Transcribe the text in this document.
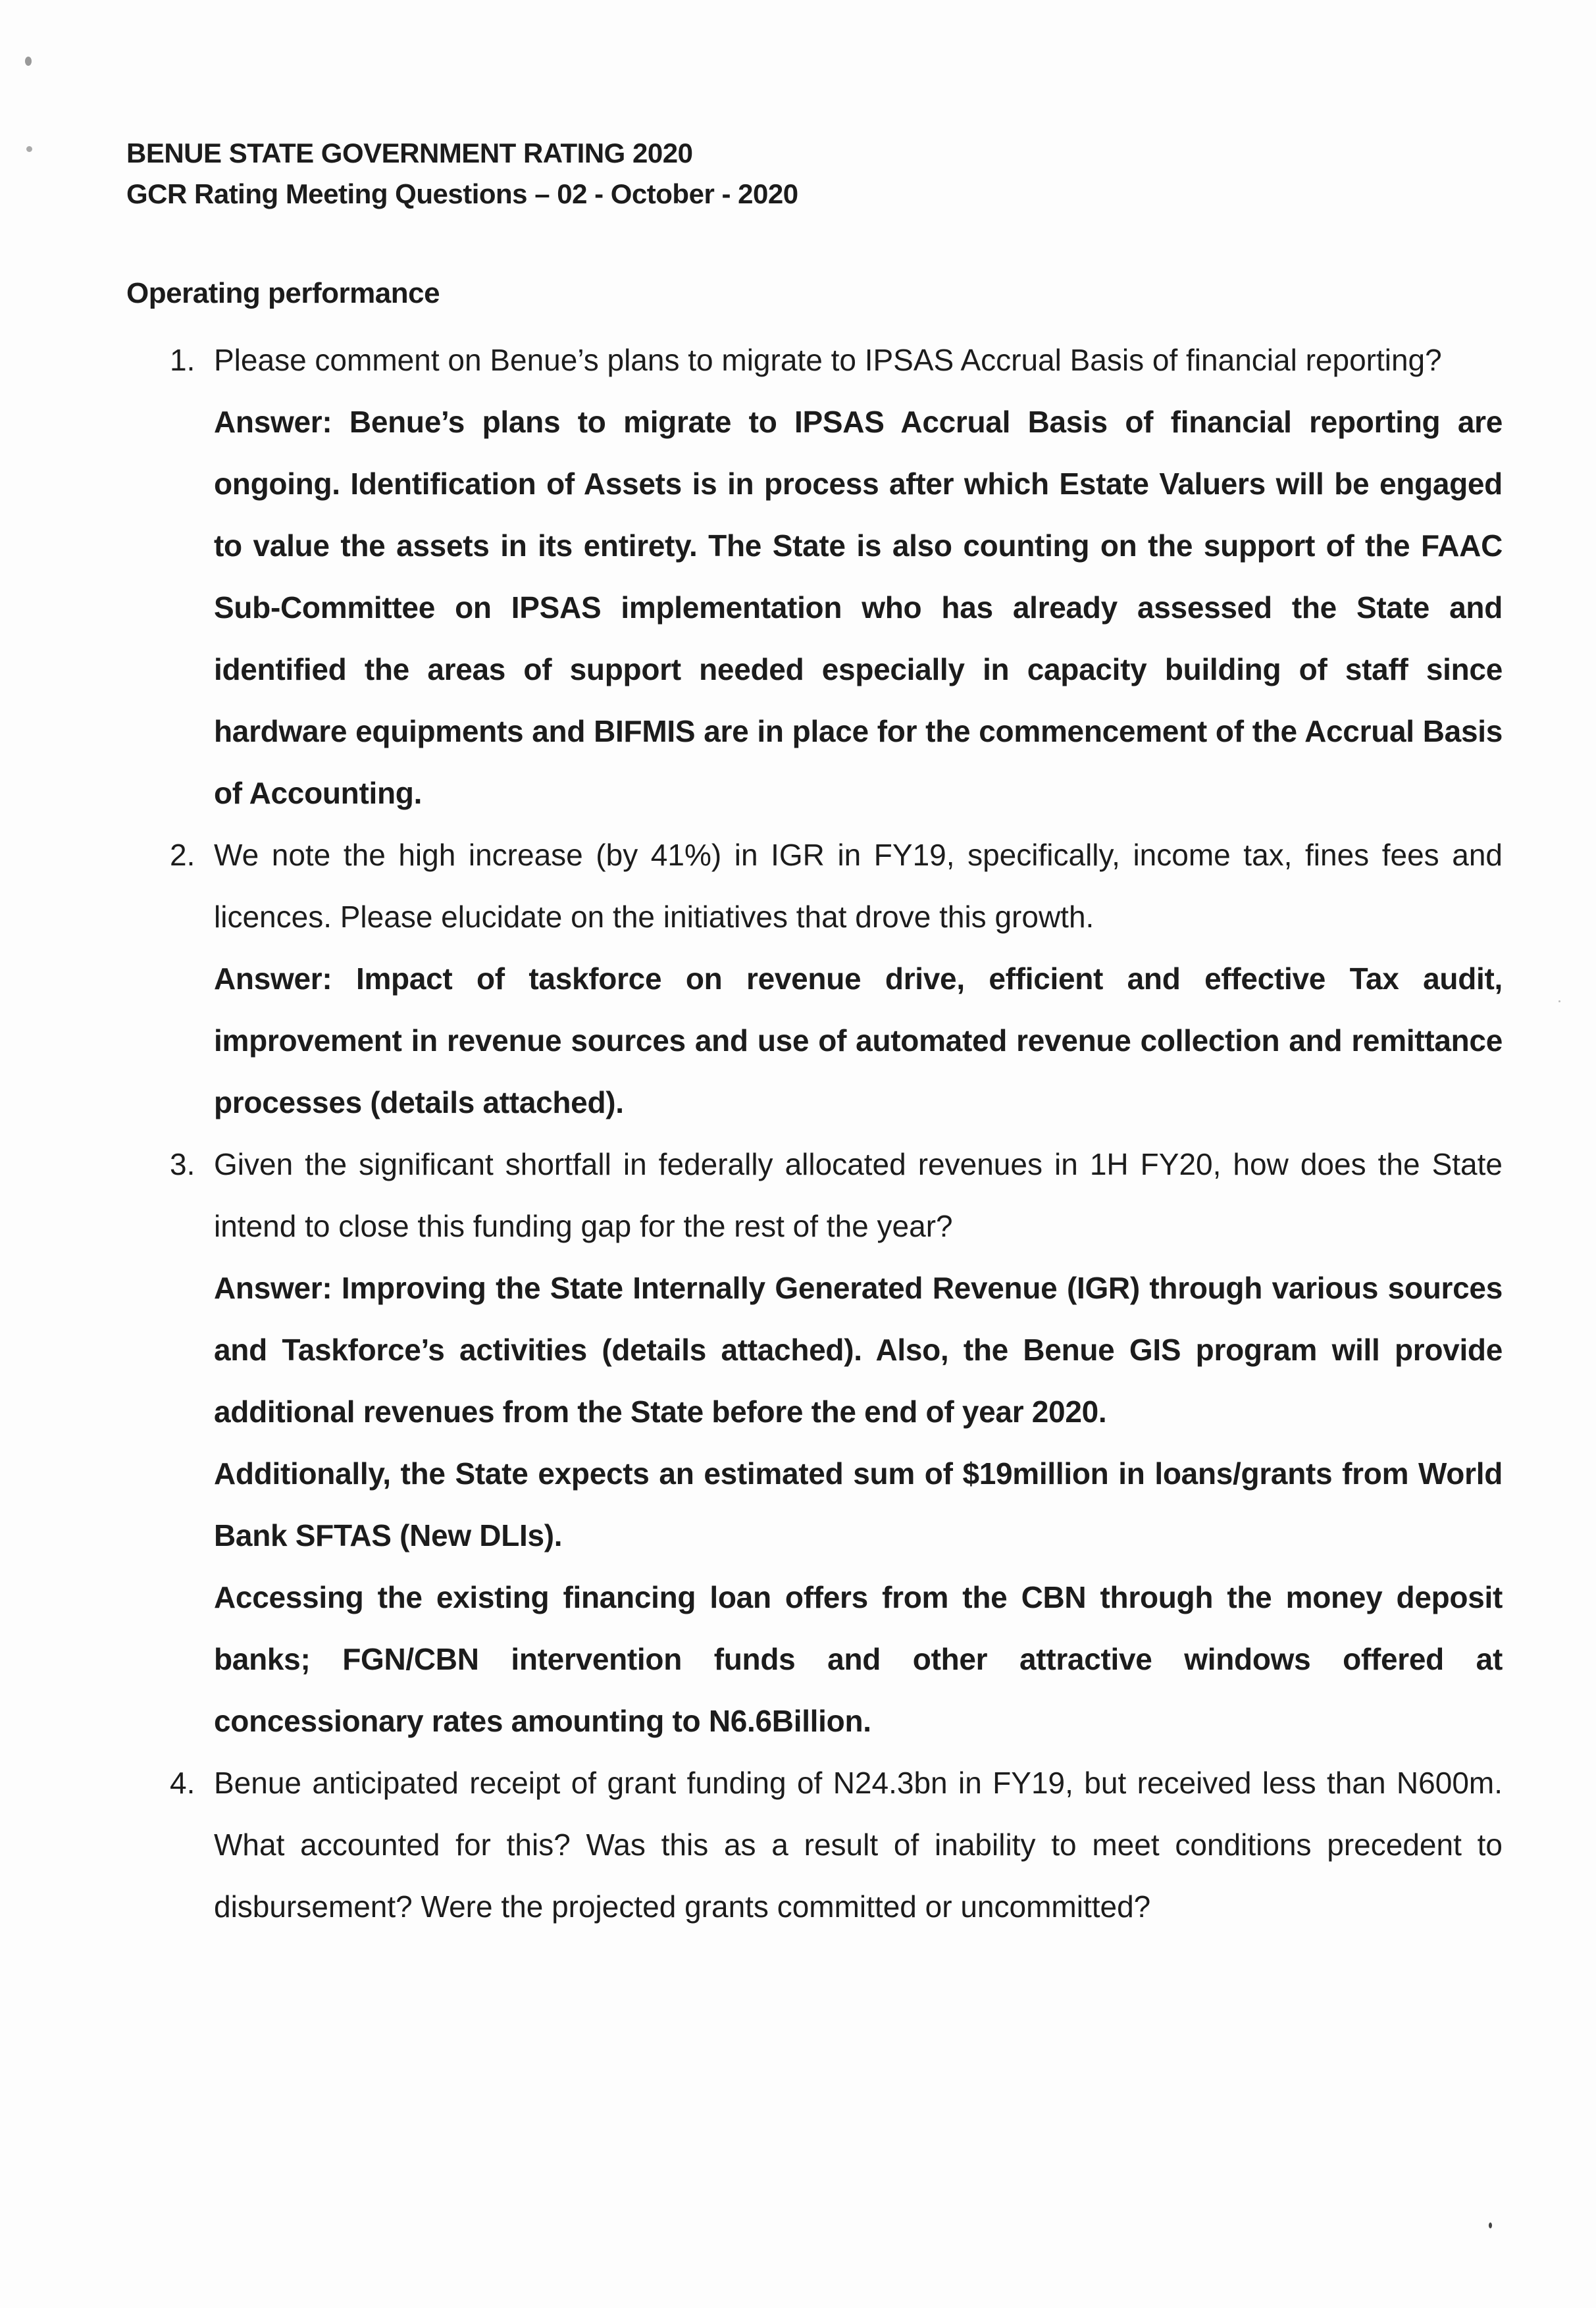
BENUE STATE GOVERNMENT RATING 2020
GCR Rating Meeting Questions – 02 - October - 2020
Operating performance
1. Please comment on Benue’s plans to migrate to IPSAS Accrual Basis of financial reporting?
Answer: Benue’s plans to migrate to IPSAS Accrual Basis of financial reporting are ongoing. Identification of Assets is in process after which Estate Valuers will be engaged to value the assets in its entirety. The State is also counting on the support of the FAAC Sub-Committee on IPSAS implementation who has already assessed the State and identified the areas of support needed especially in capacity building of staff since hardware equipments and BIFMIS are in place for the commencement of the Accrual Basis of Accounting.
2. We note the high increase (by 41%) in IGR in FY19, specifically, income tax, fines fees and licences. Please elucidate on the initiatives that drove this growth.
Answer: Impact of taskforce on revenue drive, efficient and effective Tax audit, improvement in revenue sources and use of automated revenue collection and remittance processes (details attached).
3. Given the significant shortfall in federally allocated revenues in 1H FY20, how does the State intend to close this funding gap for the rest of the year?
Answer: Improving the State Internally Generated Revenue (IGR) through various sources and Taskforce’s activities (details attached). Also, the Benue GIS program will provide additional revenues from the State before the end of year 2020.
Additionally, the State expects an estimated sum of $19million in loans/grants from World Bank SFTAS (New DLIs).
Accessing the existing financing loan offers from the CBN through the money deposit banks; FGN/CBN intervention funds and other attractive windows offered at concessionary rates amounting to N6.6Billion.
4. Benue anticipated receipt of grant funding of N24.3bn in FY19, but received less than N600m. What accounted for this? Was this as a result of inability to meet conditions precedent to disbursement? Were the projected grants committed or uncommitted?
